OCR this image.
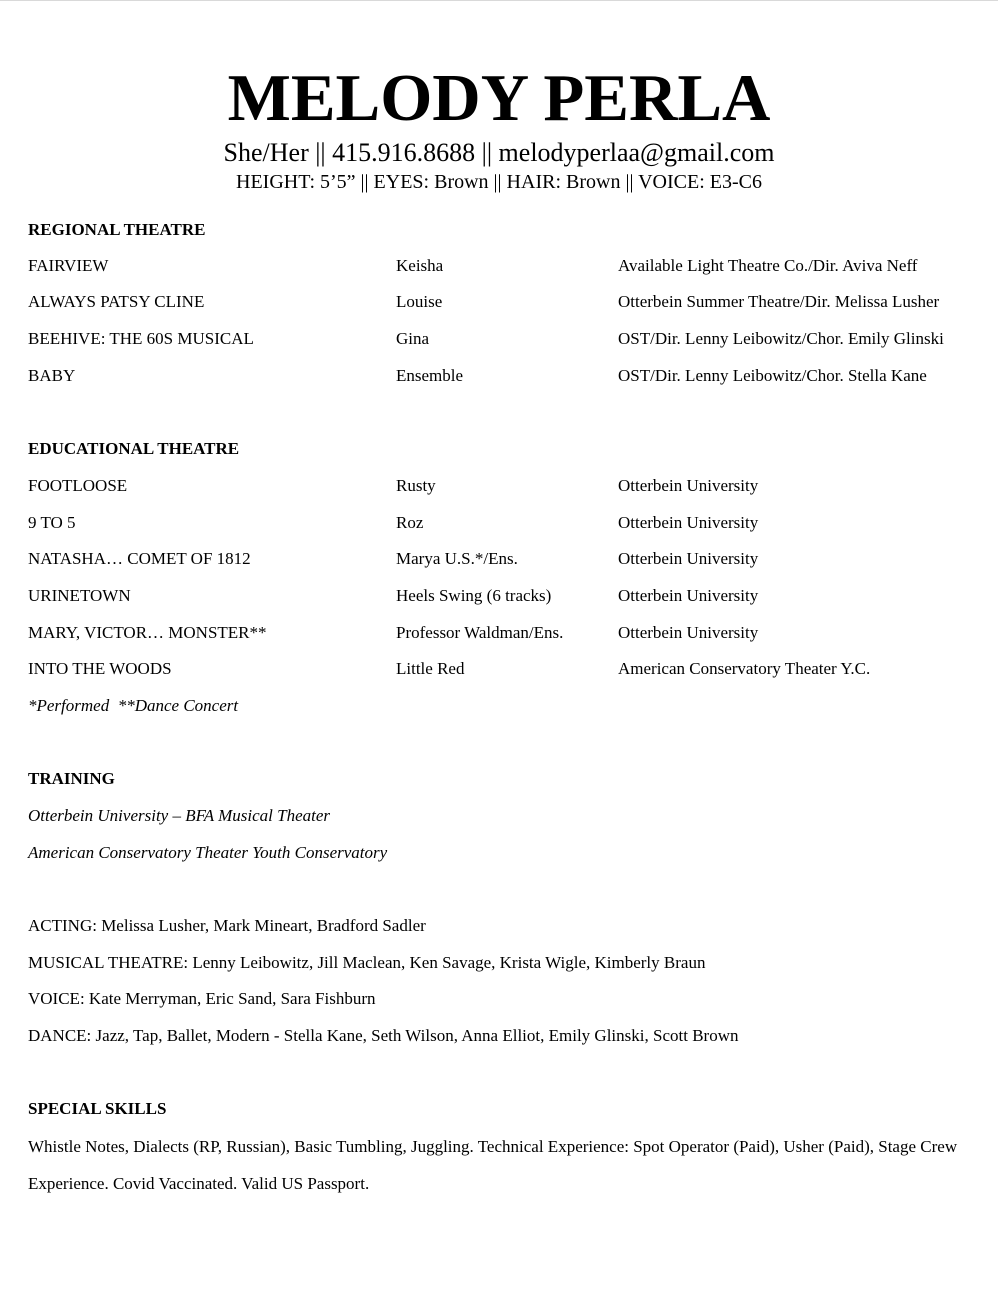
MELODY PERLA
She/Her || 415.916.8688 || melodyperlaa@gmail.com
HEIGHT: 5’5” || EYES: Brown || HAIR: Brown || VOICE: E3-C6
REGIONAL THEATRE
FAIRVIEW	Keisha	Available Light Theatre Co./Dir. Aviva Neff
ALWAYS PATSY CLINE	Louise	Otterbein Summer Theatre/Dir. Melissa Lusher
BEEHIVE: THE 60S MUSICAL	Gina	OST/Dir. Lenny Leibowitz/Chor. Emily Glinski
BABY	Ensemble	OST/Dir. Lenny Leibowitz/Chor. Stella Kane
EDUCATIONAL THEATRE
FOOTLOOSE	Rusty	Otterbein University
9 TO 5	Roz	Otterbein University
NATASHA… COMET OF 1812	Marya U.S.*/Ens.	Otterbein University
URINETOWN	Heels Swing (6 tracks)	Otterbein University
MARY, VICTOR… MONSTER**	Professor Waldman/Ens.	Otterbein University
INTO THE WOODS	Little Red	American Conservatory Theater Y.C.
*Performed  **Dance Concert
TRAINING
Otterbein University – BFA Musical Theater
American Conservatory Theater Youth Conservatory
ACTING: Melissa Lusher, Mark Mineart, Bradford Sadler
MUSICAL THEATRE: Lenny Leibowitz, Jill Maclean, Ken Savage, Krista Wigle, Kimberly Braun
VOICE: Kate Merryman, Eric Sand, Sara Fishburn
DANCE: Jazz, Tap, Ballet, Modern - Stella Kane, Seth Wilson, Anna Elliot, Emily Glinski, Scott Brown
SPECIAL SKILLS
Whistle Notes, Dialects (RP, Russian), Basic Tumbling, Juggling. Technical Experience: Spot Operator (Paid), Usher (Paid), Stage Crew Experience. Covid Vaccinated. Valid US Passport.
